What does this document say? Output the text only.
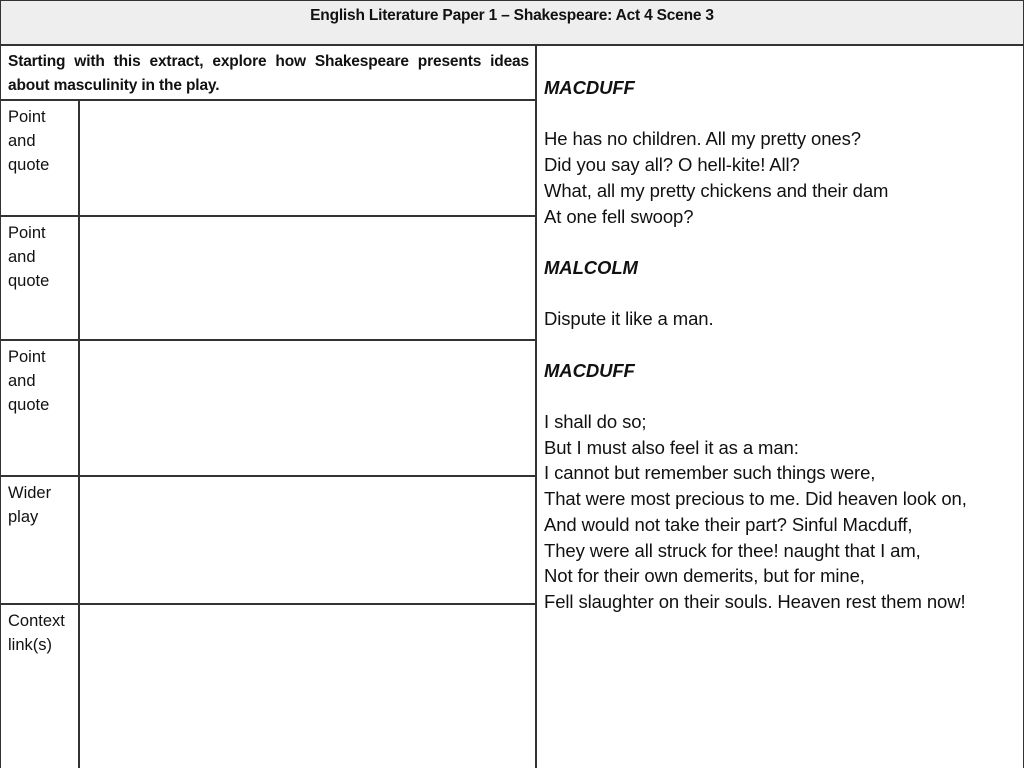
English Literature Paper 1 – Shakespeare: Act 4 Scene 3
Starting with this extract, explore how Shakespeare presents ideas about masculinity in the play.
Point and quote
Point and quote
Point and quote
Wider play
Context link(s)
MACDUFF
He has no children. All my pretty ones?
Did you say all? O hell-kite! All?
What, all my pretty chickens and their dam
At one fell swoop?
MALCOLM
Dispute it like a man.
MACDUFF
I shall do so;
But I must also feel it as a man:
I cannot but remember such things were,
That were most precious to me. Did heaven look on,
And would not take their part? Sinful Macduff,
They were all struck for thee! naught that I am,
Not for their own demerits, but for mine,
Fell slaughter on their souls. Heaven rest them now!
